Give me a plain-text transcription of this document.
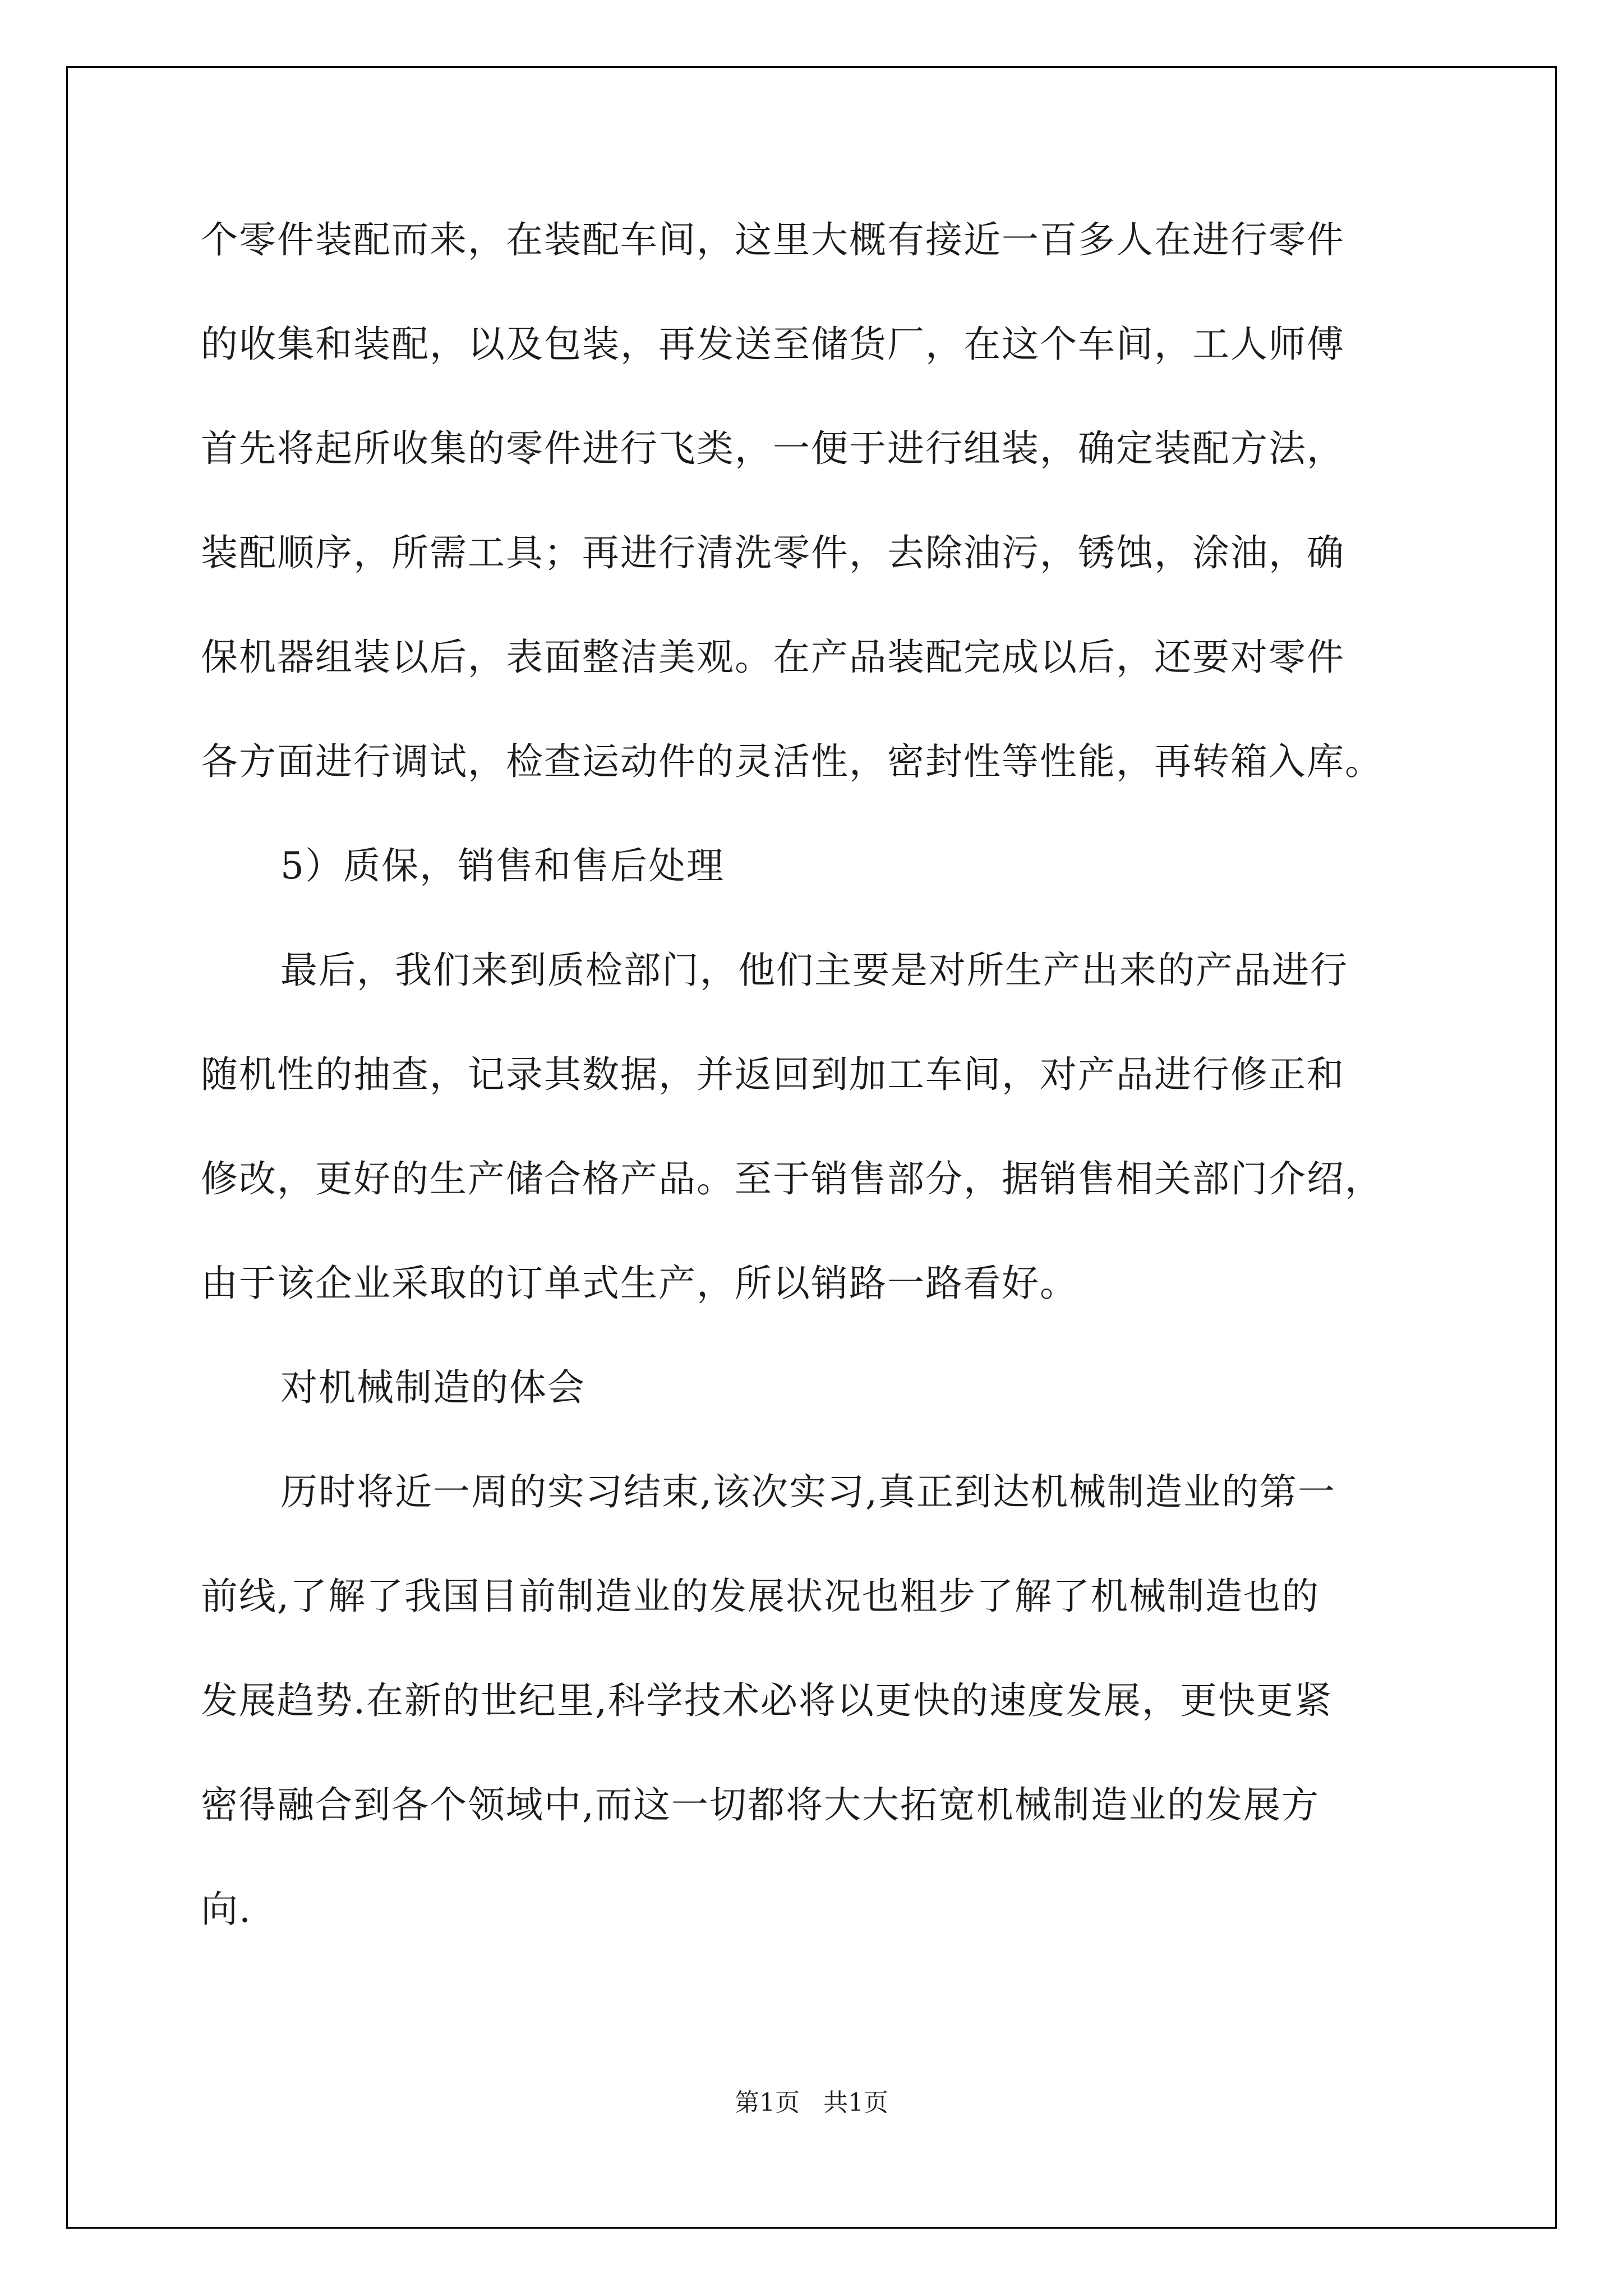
个零件装配而来，在装配车间，这里大概有接近一百多人在进行零件
的收集和装配，以及包装，再发送至储货厂，在这个车间，工人师傅
首先将起所收集的零件进行飞类，一便于进行组装，确定装配方法，
装配顺序，所需工具；再进行清洗零件，去除油污，锈蚀，涂油，确
保机器组装以后，表面整洁美观。在产品装配完成以后，还要对零件
各方面进行调试，检查运动件的灵活性，密封性等性能，再转箱入库。
5）质保，销售和售后处理
最后，我们来到质检部门，他们主要是对所生产出来的产品进行
随机性的抽查，记录其数据，并返回到加工车间，对产品进行修正和
修改，更好的生产储合格产品。至于销售部分，据销售相关部门介绍，
由于该企业采取的订单式生产，所以销路一路看好。
对机械制造的体会
历时将近一周的实习结束,该次实习,真正到达机械制造业的第一
前线,了解了我国目前制造业的发展状况也粗步了解了机械制造也的
发展趋势.在新的世纪里,科学技术必将以更快的速度发展，更快更紧
密得融合到各个领域中,而这一切都将大大拓宽机械制造业的发展方
向.
第1页   共1页
